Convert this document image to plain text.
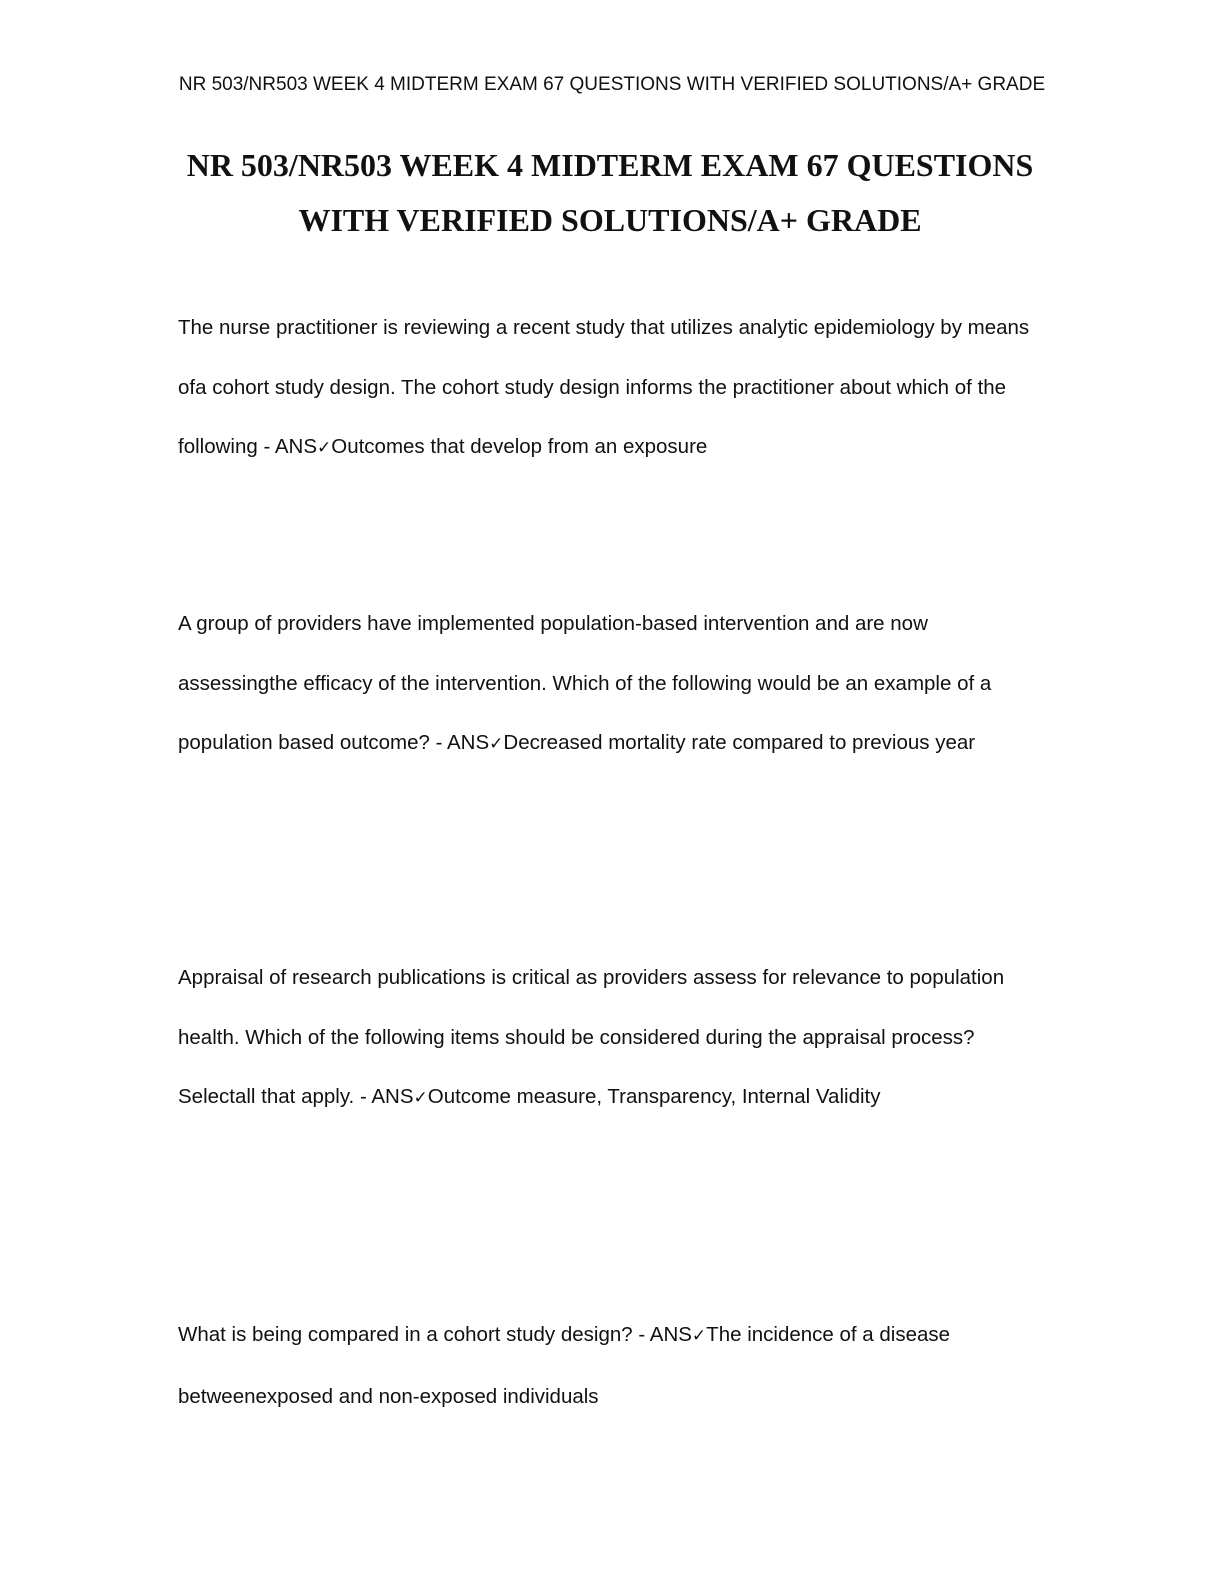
NR 503/NR503 WEEK 4 MIDTERM EXAM 67 QUESTIONS WITH VERIFIED SOLUTIONS/A+ GRADE
NR 503/NR503 WEEK 4 MIDTERM EXAM 67 QUESTIONS
WITH VERIFIED SOLUTIONS/A+ GRADE

The nurse practitioner is reviewing a recent study that utilizes analytic epidemiology by means ofa cohort study design. The cohort study design informs the practitioner about which of the following - ANS✓Outcomes that develop from an exposure

A group of providers have implemented population-based intervention and are now assessingthe efficacy of the intervention. Which of the following would be an example of a population based outcome? - ANS✓Decreased mortality rate compared to previous year

Appraisal of research publications is critical as providers assess for relevance to population health. Which of the following items should be considered during the appraisal process? Selectall that apply. - ANS✓Outcome measure, Transparency, Internal Validity

What is being compared in a cohort study design? - ANS✓The incidence of a disease betweenexposed and non-exposed individuals
